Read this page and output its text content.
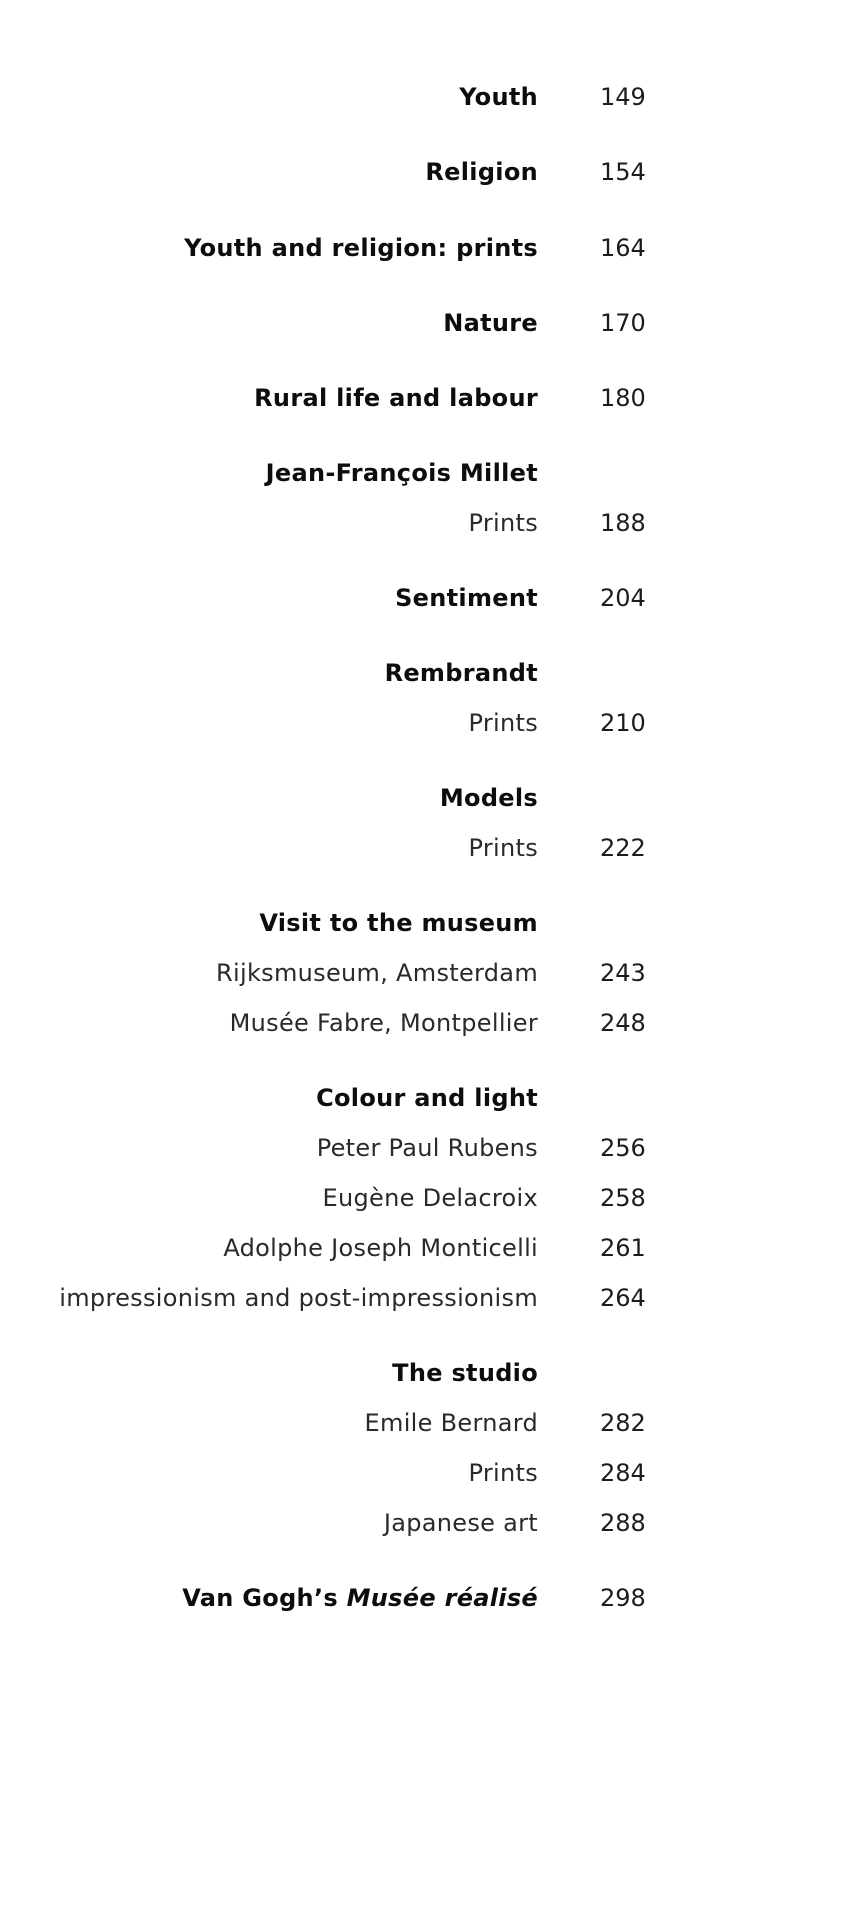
Youth	149
Religion	154
Youth and religion: prints	164
Nature	170
Rural life and labour	180
Jean-François Millet
Prints	188
Sentiment	204
Rembrandt
Prints	210
Models
Prints	222
Visit to the museum
Rijksmuseum, Amsterdam	243
Musée Fabre, Montpellier	248
Colour and light
Peter Paul Rubens	256
Eugène Delacroix	258
Adolphe Joseph Monticelli	261
impressionism and post-impressionism	264
The studio
Emile Bernard	282
Prints	284
Japanese art	288
Van Gogh’s Musée réalisé	298
